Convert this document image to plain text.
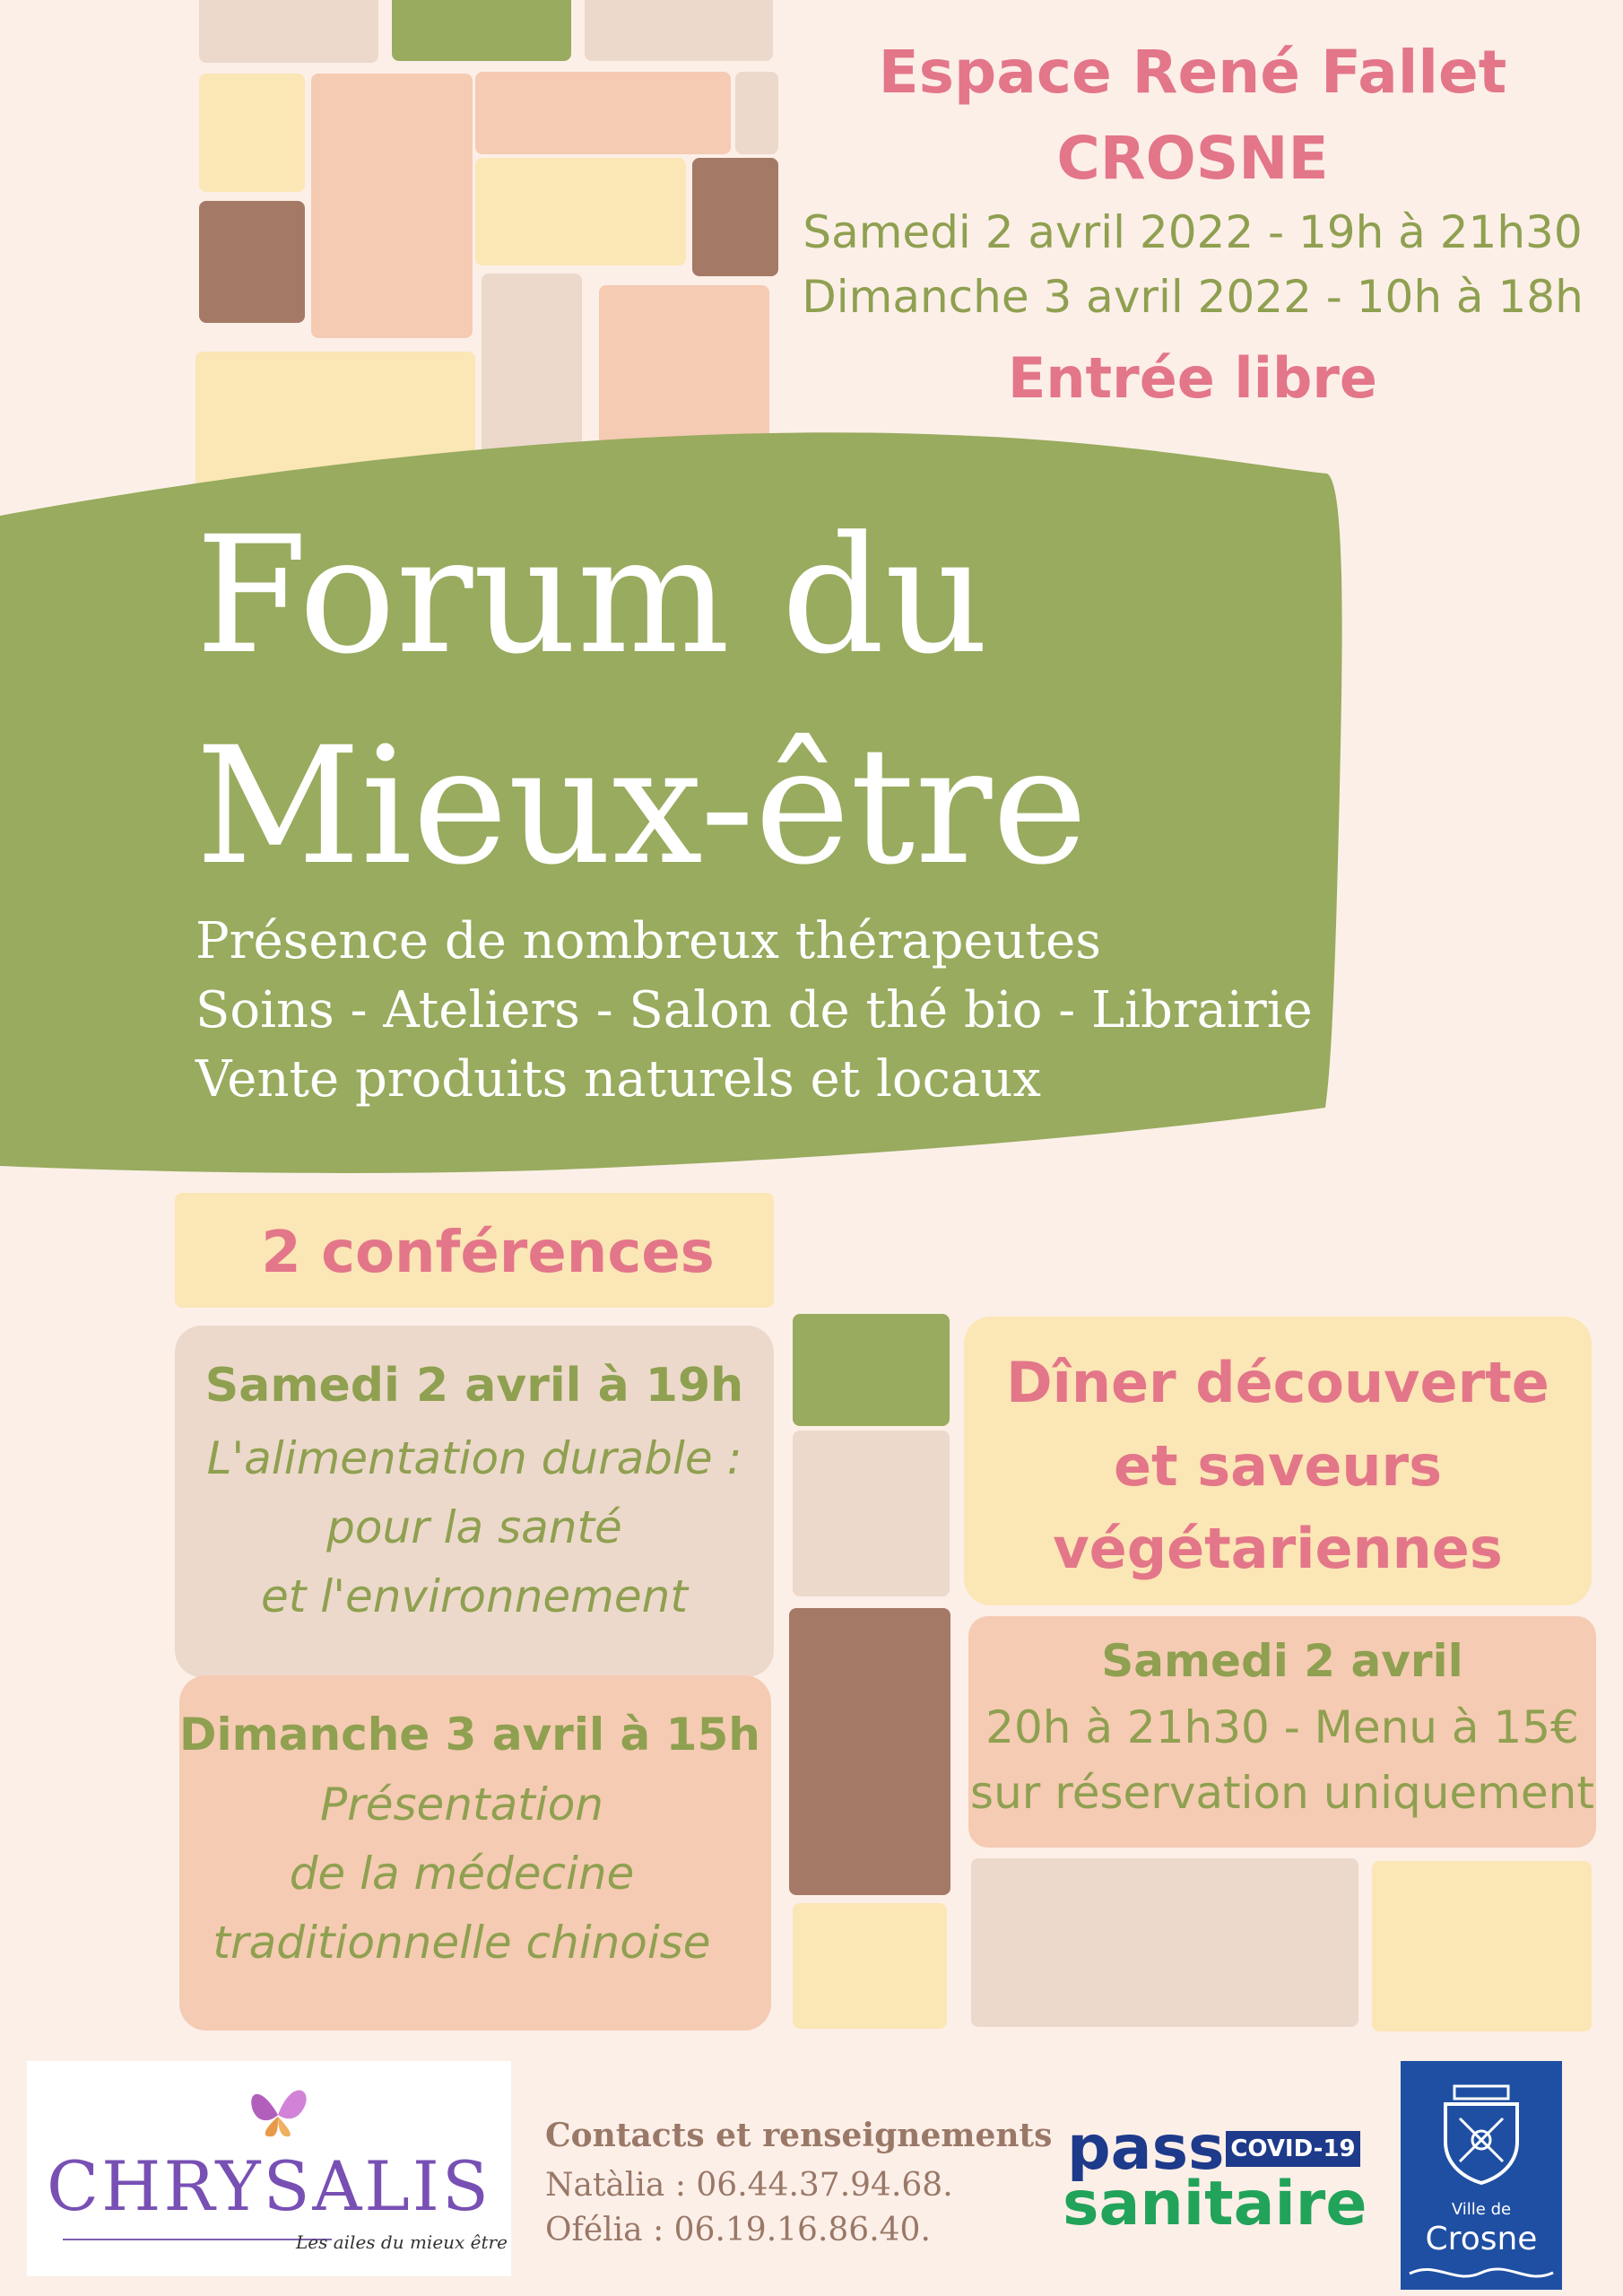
Espace René Fallet
CROSNE
Samedi 2 avril 2022 - 19h à 21h30
Dimanche 3 avril 2022 - 10h à 18h
Entrée libre
Forum du
Mieux-être
Présence de nombreux thérapeutes
Soins - Ateliers - Salon de thé bio - Librairie
Vente produits naturels et locaux
2 conférences
Samedi 2 avril à 19h
L'alimentation durable :
pour la santé
et l'environnement
Dimanche 3 avril à 15h
Présentation
de la médecine
traditionnelle chinoise
Dîner découverte
et saveurs
végétariennes
Samedi 2 avril
20h à 21h30 - Menu à 15€
sur réservation uniquement
CHRYSALIS
Les ailes du mieux être
Contacts et renseignements
Natàlia : 06.44.37.94.68.
Ofélia : 06.19.16.86.40.
pass COVID-19
sanitaire	Ville de
Crosne
